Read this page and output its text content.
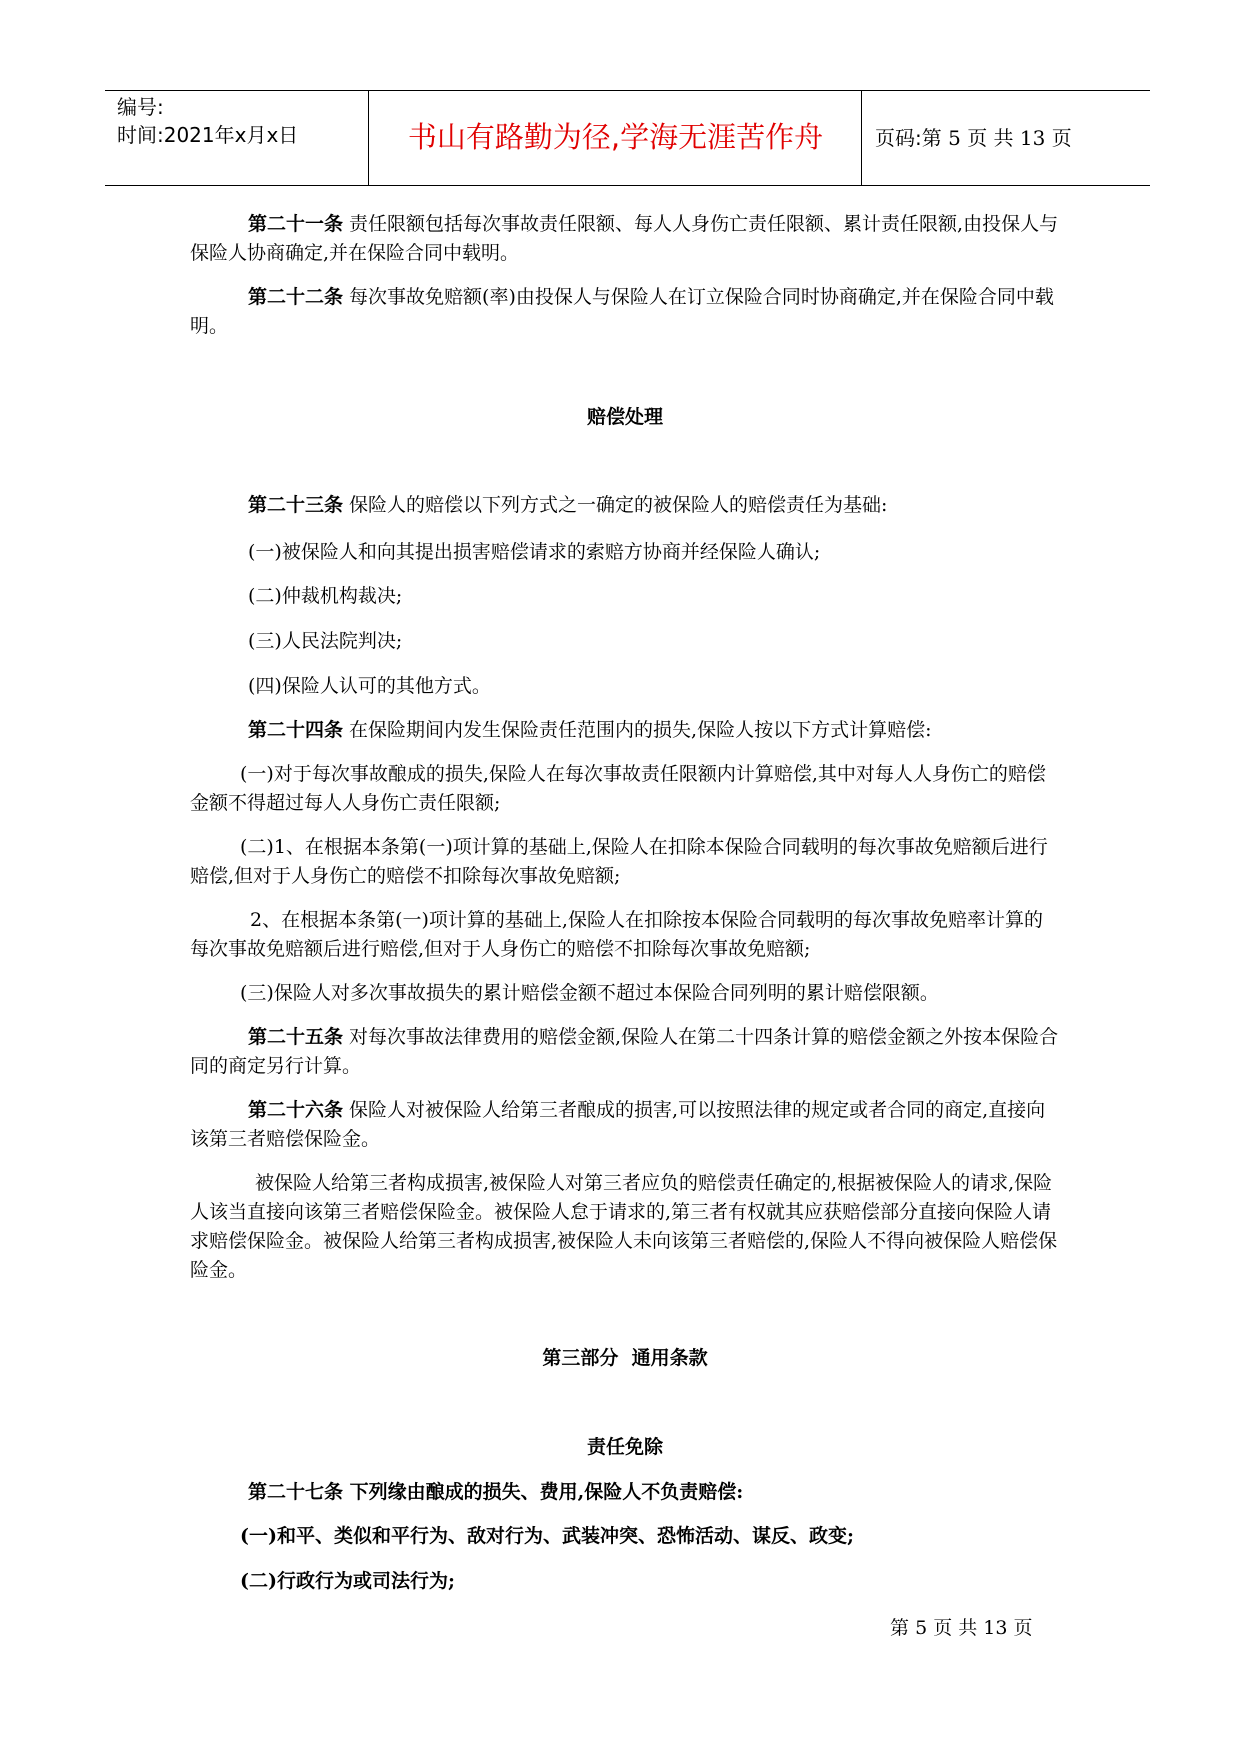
编号:
时间:2021年x月x日	书山有路勤为径,学海无涯苦作舟	页码:第 5 页 共 13 页
第二十一条 责任限额包括每次事故责任限额、每人人身伤亡责任限额、累计责任限额,由投保人与保险人协商确定,并在保险合同中载明。
第二十二条 每次事故免赔额(率)由投保人与保险人在订立保险合同时协商确定,并在保险合同中载明。
赔偿处理
第二十三条 保险人的赔偿以下列方式之一确定的被保险人的赔偿责任为基础:
(一)被保险人和向其提出损害赔偿请求的索赔方协商并经保险人确认;
(二)仲裁机构裁决;
(三)人民法院判决;
(四)保险人认可的其他方式。
第二十四条 在保险期间内发生保险责任范围内的损失,保险人按以下方式计算赔偿:
(一)对于每次事故酿成的损失,保险人在每次事故责任限额内计算赔偿,其中对每人人身伤亡的赔偿金额不得超过每人人身伤亡责任限额;
(二)1、在根据本条第(一)项计算的基础上,保险人在扣除本保险合同载明的每次事故免赔额后进行赔偿,但对于人身伤亡的赔偿不扣除每次事故免赔额;
2、在根据本条第(一)项计算的基础上,保险人在扣除按本保险合同载明的每次事故免赔率计算的每次事故免赔额后进行赔偿,但对于人身伤亡的赔偿不扣除每次事故免赔额;
(三)保险人对多次事故损失的累计赔偿金额不超过本保险合同列明的累计赔偿限额。
第二十五条 对每次事故法律费用的赔偿金额,保险人在第二十四条计算的赔偿金额之外按本保险合同的商定另行计算。
第二十六条 保险人对被保险人给第三者酿成的损害,可以按照法律的规定或者合同的商定,直接向该第三者赔偿保险金。
被保险人给第三者构成损害,被保险人对第三者应负的赔偿责任确定的,根据被保险人的请求,保险人该当直接向该第三者赔偿保险金。被保险人怠于请求的,第三者有权就其应获赔偿部分直接向保险人请求赔偿保险金。被保险人给第三者构成损害,被保险人未向该第三者赔偿的,保险人不得向被保险人赔偿保险金。
第三部分  通用条款
责任免除
第二十七条 下列缘由酿成的损失、费用,保险人不负责赔偿:
(一)和平、类似和平行为、敌对行为、武装冲突、恐怖活动、谋反、政变;
(二)行政行为或司法行为;
第 5 页 共 13 页
